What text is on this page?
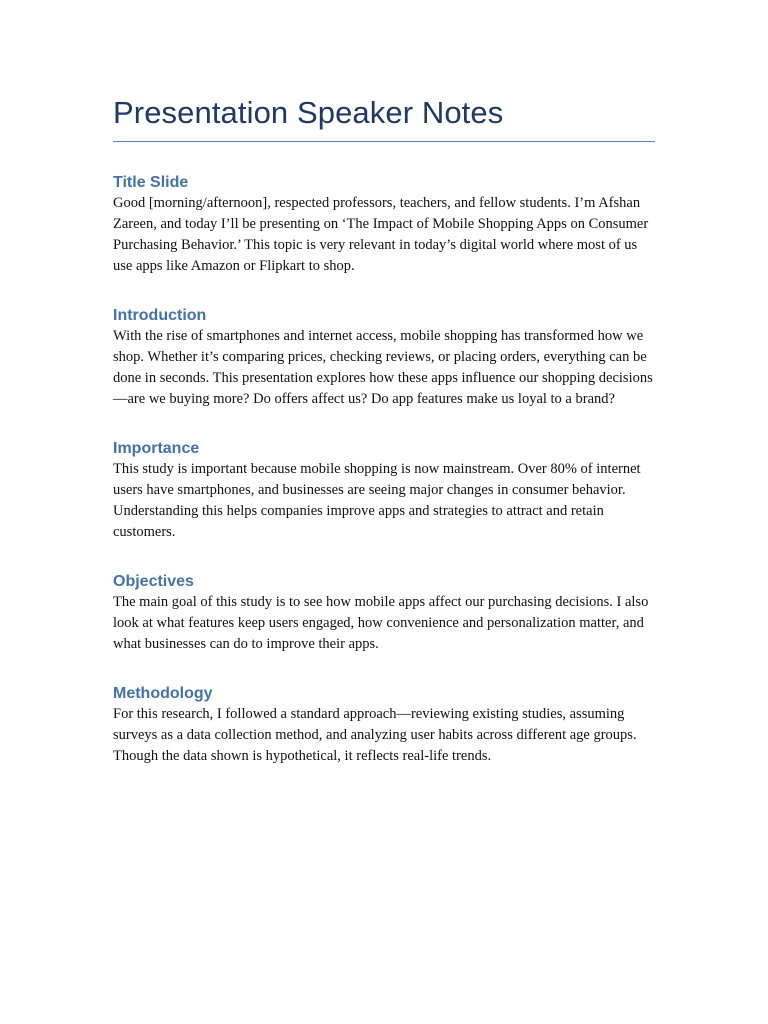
Presentation Speaker Notes
Title Slide

Good [morning/afternoon], respected professors, teachers, and fellow students. I’m Afshan Zareen, and today I’ll be presenting on ‘The Impact of Mobile Shopping Apps on Consumer Purchasing Behavior.’ This topic is very relevant in today’s digital world where most of us use apps like Amazon or Flipkart to shop.

Introduction

With the rise of smartphones and internet access, mobile shopping has transformed how we shop. Whether it’s comparing prices, checking reviews, or placing orders, everything can be done in seconds. This presentation explores how these apps influence our shopping decisions—are we buying more? Do offers affect us? Do app features make us loyal to a brand?

Importance

This study is important because mobile shopping is now mainstream. Over 80% of internet users have smartphones, and businesses are seeing major changes in consumer behavior. Understanding this helps companies improve apps and strategies to attract and retain customers.

Objectives

The main goal of this study is to see how mobile apps affect our purchasing decisions. I also look at what features keep users engaged, how convenience and personalization matter, and what businesses can do to improve their apps.

Methodology

For this research, I followed a standard approach—reviewing existing studies, assuming surveys as a data collection method, and analyzing user habits across different age groups. Though the data shown is hypothetical, it reflects real-life trends.
